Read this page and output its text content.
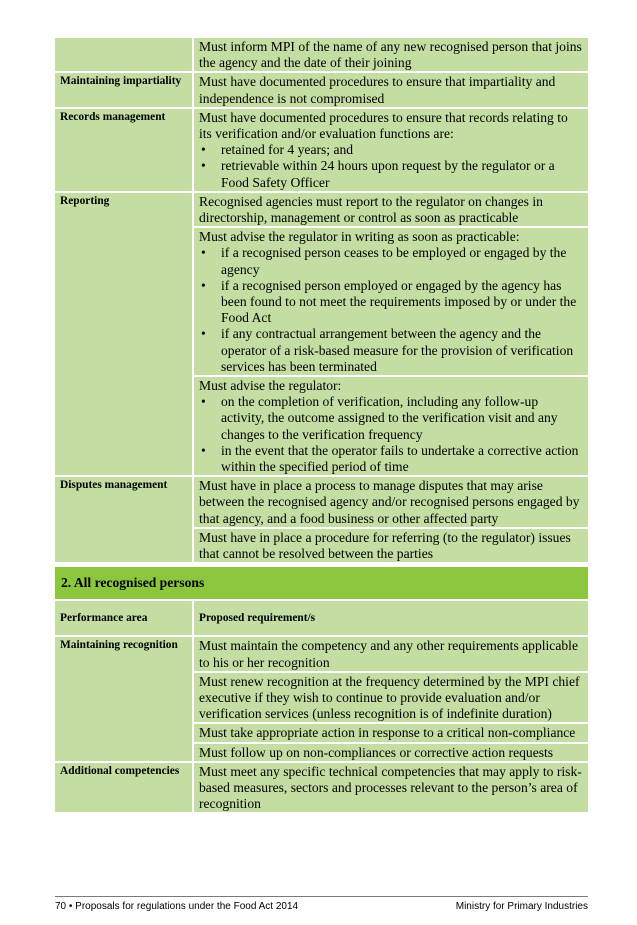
Must inform MPI of the name of any new recognised person that joins the agency and the date of their joining
Maintaining impartiality	Must have documented procedures to ensure that impartiality and independence is not compromised
Records management	Must have documented procedures to ensure that records relating to its verification and/or evaluation functions are:
• retained for 4 years; and
• retrievable within 24 hours upon request by the regulator or a Food Safety Officer
Reporting	Recognised agencies must report to the regulator on changes in directorship, management or control as soon as practicable
Must advise the regulator in writing as soon as practicable:
• if a recognised person ceases to be employed or engaged by the agency
• if a recognised person employed or engaged by the agency has been found to not meet the requirements imposed by or under the Food Act
• if any contractual arrangement between the agency and the operator of a risk-based measure for the provision of verification services has been terminated
Must advise the regulator:
• on the completion of verification, including any follow-up activity, the outcome assigned to the verification visit and any changes to the verification frequency
• in the event that the operator fails to undertake a corrective action within the specified period of time
Disputes management	Must have in place a process to manage disputes that may arise between the recognised agency and/or recognised persons engaged by that agency, and a food business or other affected party
Must have in place a procedure for referring (to the regulator) issues that cannot be resolved between the parties
2. All recognised persons
Performance area	Proposed requirement/s
Maintaining recognition	Must maintain the competency and any other requirements applicable to his or her recognition
Must renew recognition at the frequency determined by the MPI chief executive if they wish to continue to provide evaluation and/or verification services (unless recognition is of indefinite duration)
Must take appropriate action in response to a critical non-compliance
Must follow up on non-compliances or corrective action requests
Additional competencies	Must meet any specific technical competencies that may apply to risk-based measures, sectors and processes relevant to the person’s area of recognition
70 • Proposals for regulations under the Food Act 2014	Ministry for Primary Industries
